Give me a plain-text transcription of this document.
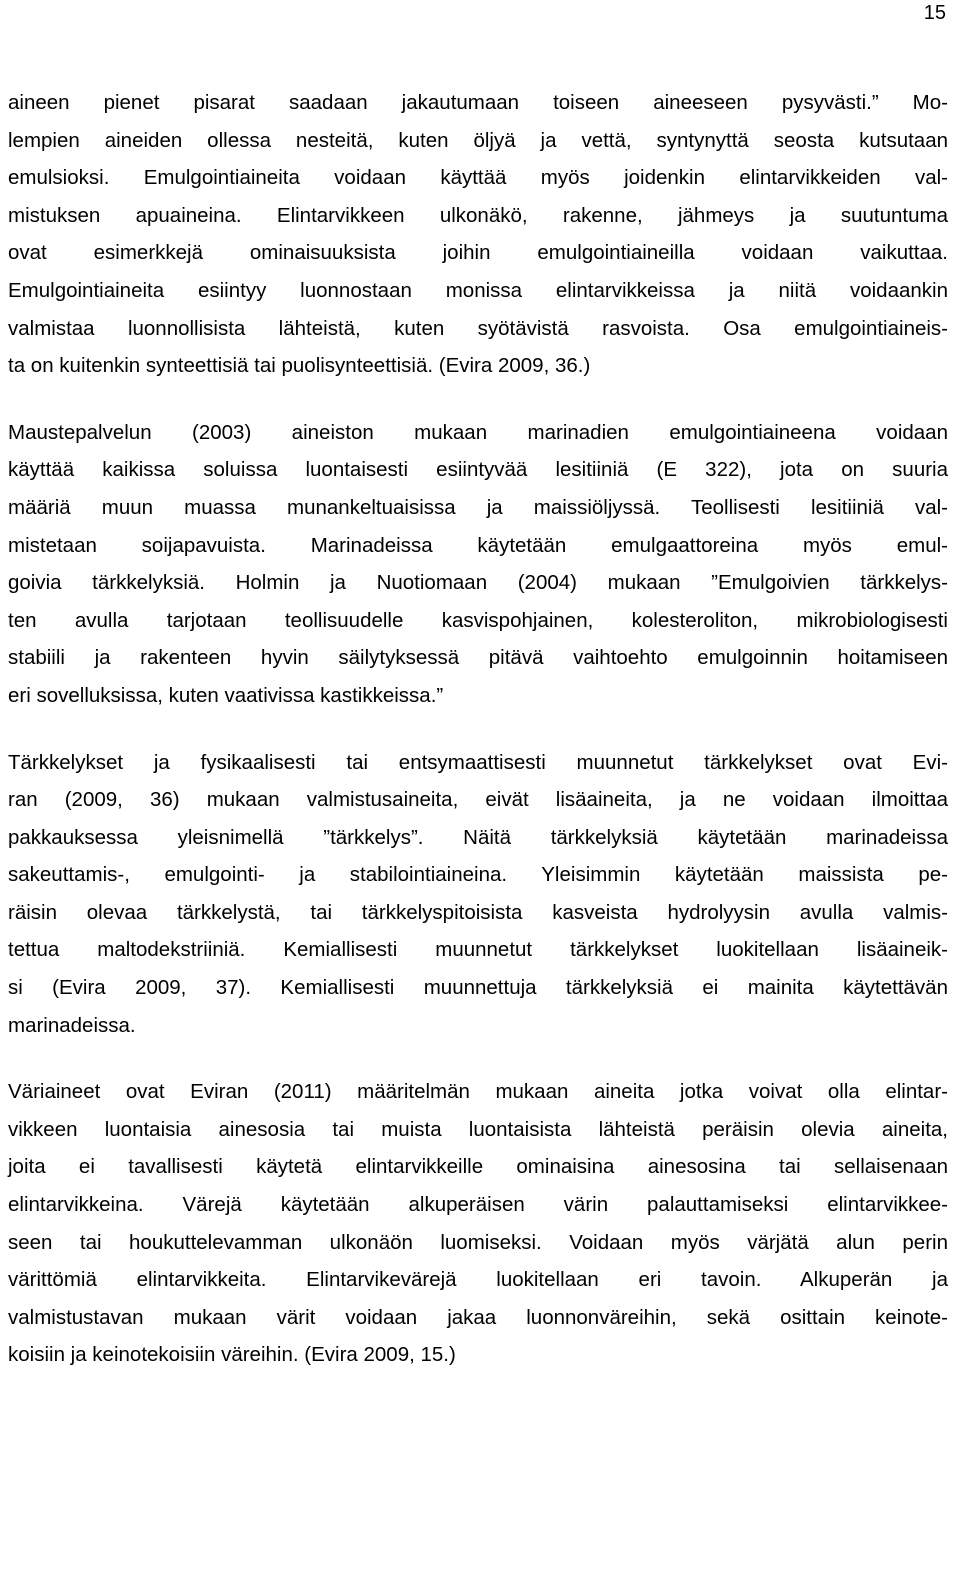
15
aineen pienet pisarat saadaan jakautumaan toiseen aineeseen pysyvästi.” Mo-
lempien aineiden ollessa nesteitä, kuten öljyä ja vettä, syntynyttä seosta kutsutaan
emulsioksi. Emulgointiaineita voidaan käyttää myös joidenkin elintarvikkeiden val-
mistuksen apuaineina. Elintarvikkeen ulkonäkö, rakenne, jähmeys ja suutuntuma
ovat esimerkkejä ominaisuuksista joihin emulgointiaineilla voidaan vaikuttaa.
Emulgointiaineita esiintyy luonnostaan monissa elintarvikkeissa ja niitä voidaankin
valmistaa luonnollisista lähteistä, kuten syötävistä rasvoista. Osa emulgointiaineis-
ta on kuitenkin synteettisiä tai puolisynteettisiä. (Evira 2009, 36.)
Maustepalvelun (2003) aineiston mukaan marinadien emulgointiaineena voidaan
käyttää kaikissa soluissa luontaisesti esiintyvää lesitiiniä (E 322), jota on suuria
määriä muun muassa munankeltuaisissa ja maissiöljyssä. Teollisesti lesitiiniä val-
mistetaan soijapavuista. Marinadeissa käytetään emulgaattoreina myös emul-
goivia tärkkelyksiä. Holmin ja Nuotiomaan (2004) mukaan ”Emulgoivien tärkkelys-
ten avulla tarjotaan teollisuudelle kasvispohjainen, kolesteroliton, mikrobiologisesti
stabiili ja rakenteen hyvin säilytyksessä pitävä vaihtoehto emulgoinnin hoitamiseen
eri sovelluksissa, kuten vaativissa kastikkeissa.”
Tärkkelykset ja fysikaalisesti tai entsymaattisesti muunnetut tärkkelykset ovat Evi-
ran (2009, 36) mukaan valmistusaineita, eivät lisäaineita, ja ne voidaan ilmoittaa
pakkauksessa yleisnimellä ”tärkkelys”. Näitä tärkkelyksiä käytetään marinadeissa
sakeuttamis-, emulgointi- ja stabilointiaineina. Yleisimmin käytetään maissista pe-
räisin olevaa tärkkelystä, tai tärkkelyspitoisista kasveista hydrolyysin avulla valmis-
tettua maltodekstriiniä. Kemiallisesti muunnetut tärkkelykset luokitellaan lisäaineik-
si (Evira 2009, 37). Kemiallisesti muunnettuja tärkkelyksiä ei mainita käytettävän
marinadeissa.
Väriaineet ovat Eviran (2011) määritelmän mukaan aineita jotka voivat olla elintar-
vikkeen luontaisia ainesosia tai muista luontaisista lähteistä peräisin olevia aineita,
joita ei tavallisesti käytetä elintarvikkeille ominaisina ainesosina tai sellaisenaan
elintarvikkeina. Värejä käytetään alkuperäisen värin palauttamiseksi elintarvikkee-
seen tai houkuttelevamman ulkonäön luomiseksi. Voidaan myös värjätä alun perin
värittömiä elintarvikkeita. Elintarvikevärejä luokitellaan eri tavoin. Alkuperän ja
valmistustavan mukaan värit voidaan jakaa luonnonväreihin, sekä osittain keinote-
koisiin ja keinotekoisiin väreihin. (Evira 2009, 15.)
